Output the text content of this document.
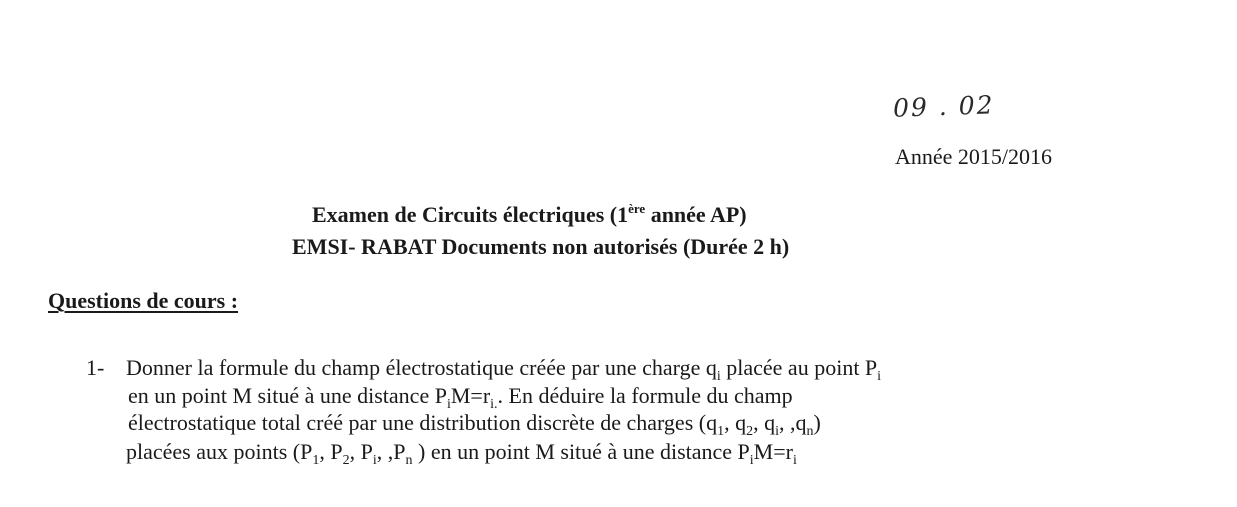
09 . 02
Année 2015/2016
Examen de Circuits électriques (1ère année AP)
EMSI- RABAT Documents non autorisés (Durée 2 h)
Questions de cours :
1- Donner la formule du champ électrostatique créée par une charge $q_i$ placée au point $P_i$
en un point M situé à une distance $P_iM=r_{i.}$. En déduire la formule du champ
électrostatique total créé par une distribution discrète de charges ($q_1$, $q_2$, $q_i$, $,q_n$)
placées aux points ($P_1$, $P_2$, $P_i$, $,P_n$ ) en un point M situé à une distance $P_iM=r_i$
